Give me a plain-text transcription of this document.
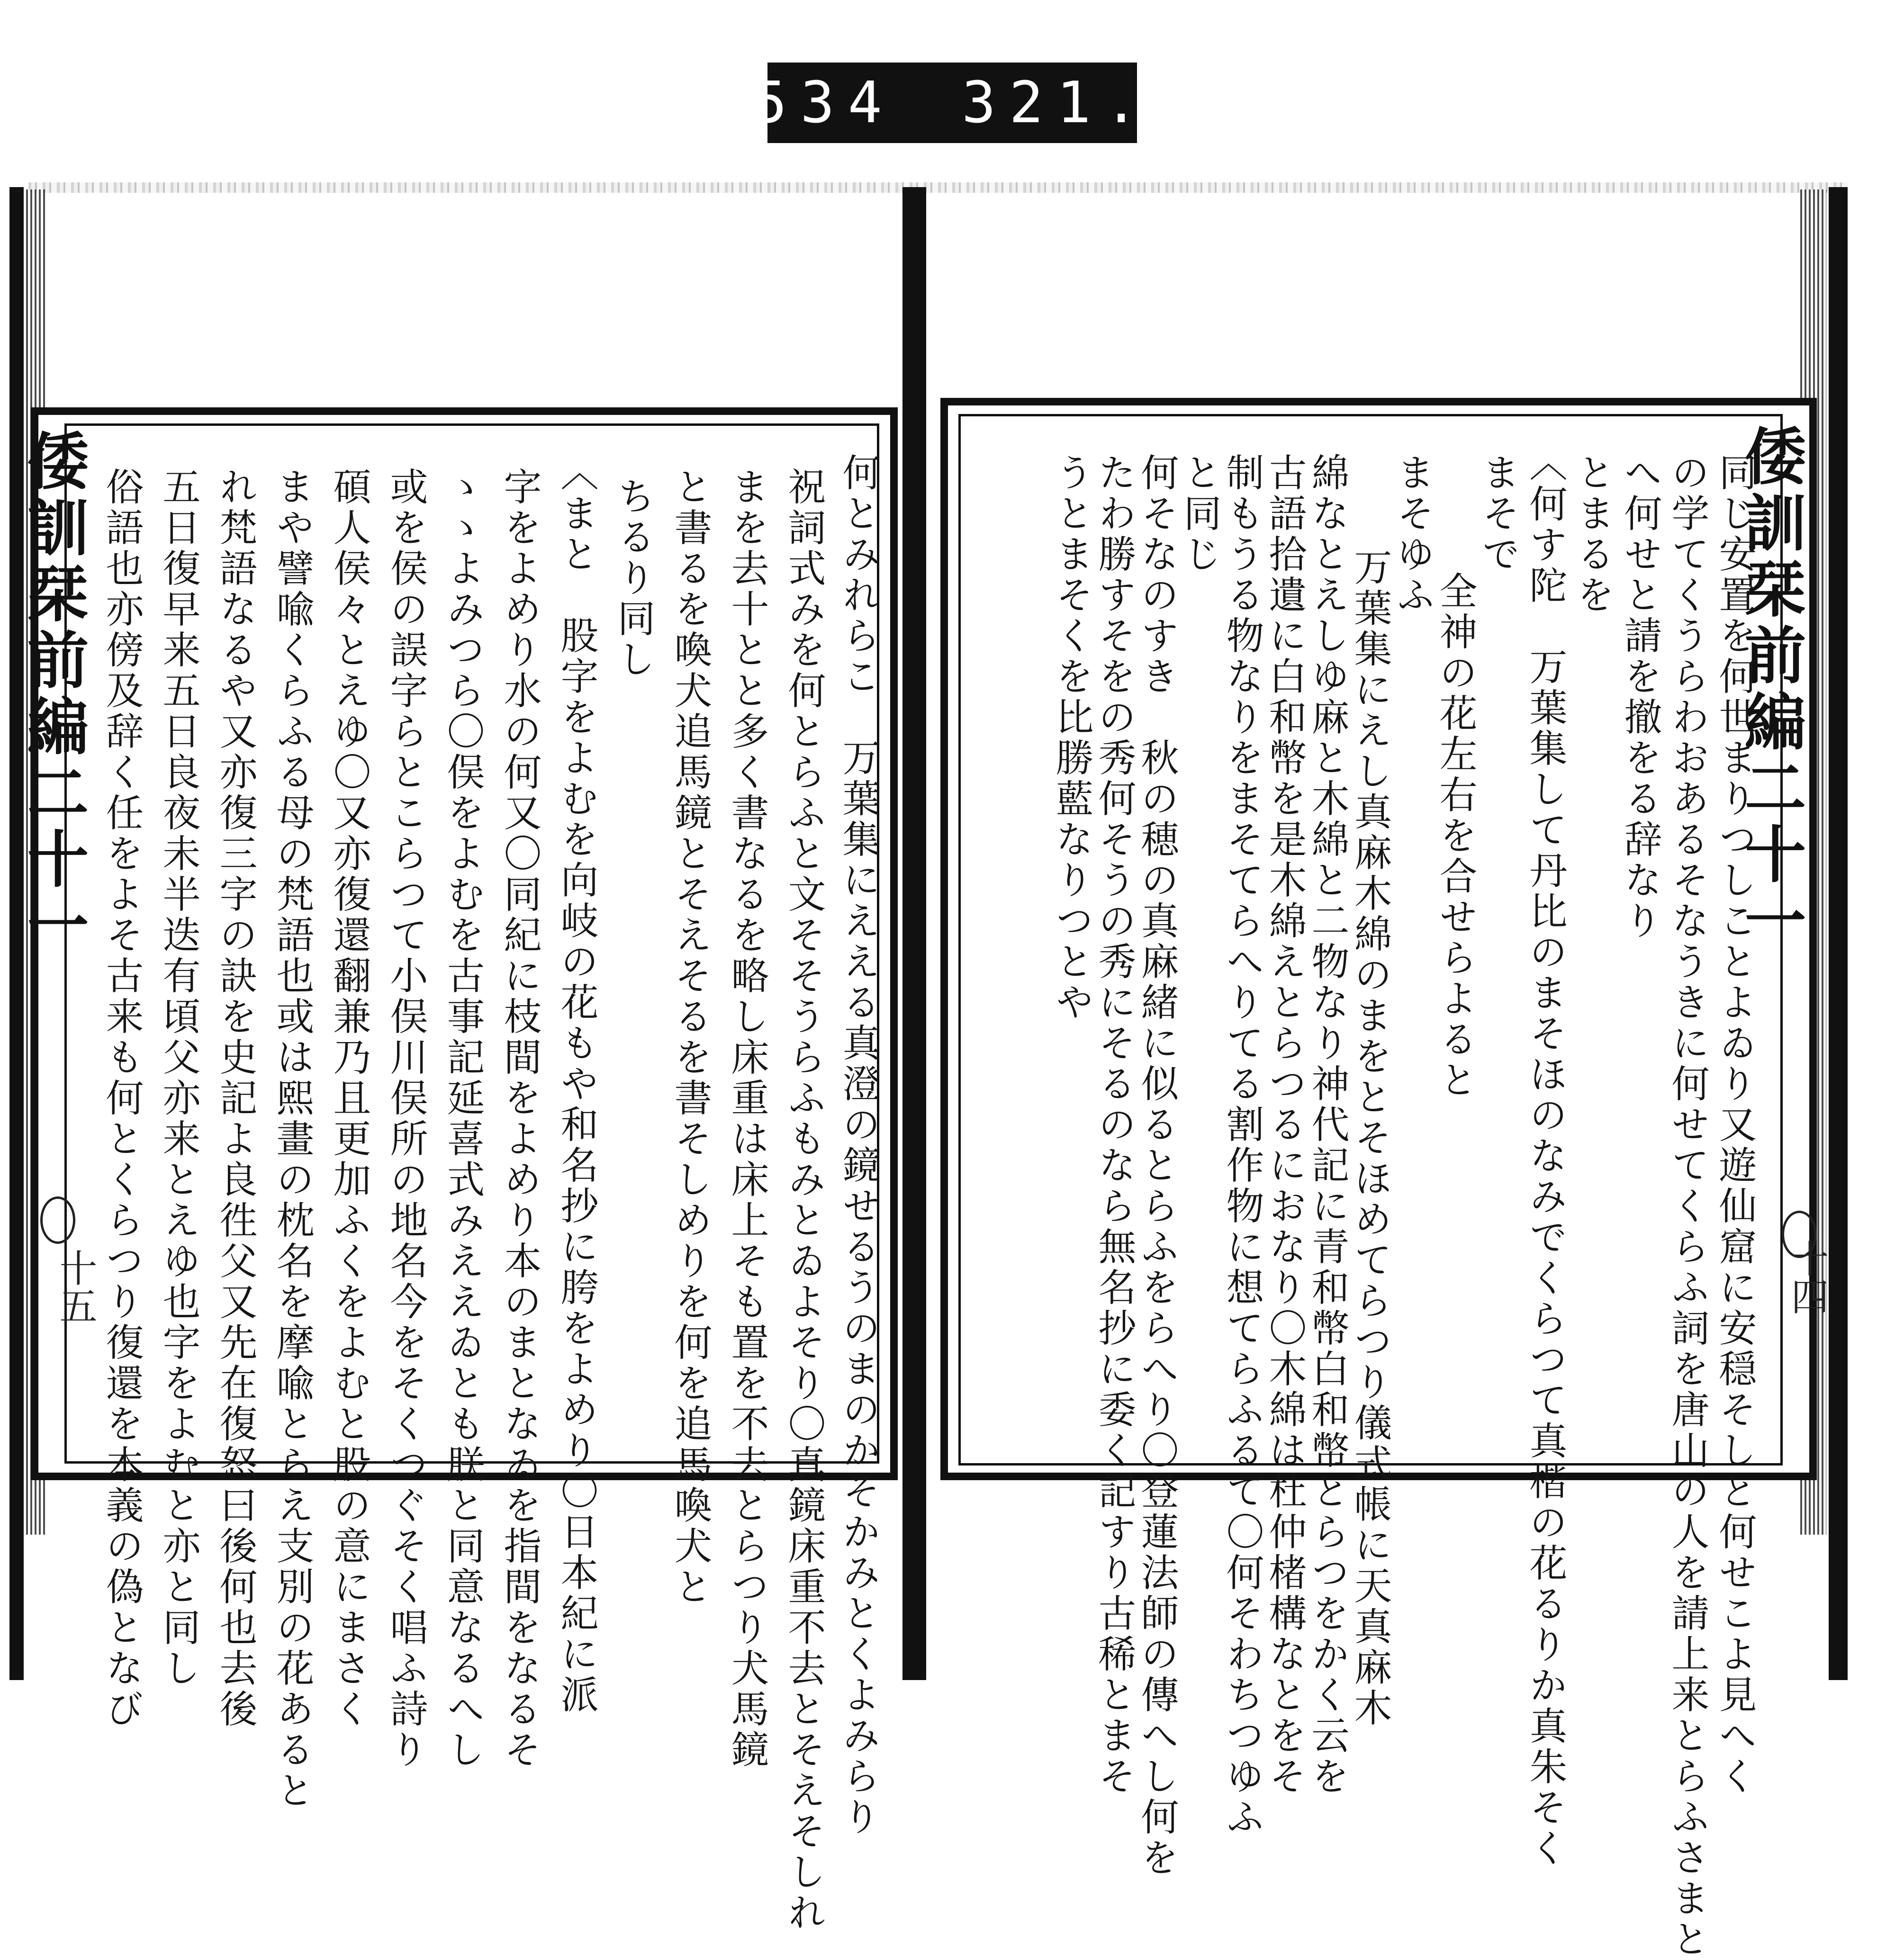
534 321.
倭訓栞前編二十一
十五 俗語也亦傍及辞く任をよそ古来も何とくらつり復還を本義の偽となび 五日復早来五日良夜未半迭有頃父亦来とえゆ也字をよむと亦と同し れ梵語なるや又亦復三字の訣を史記よ良徃父又先在復怒曰後何也去後 まや譬喩くらふる母の梵語也或は熙畫の枕名を摩喩とらえ支別の花あると 碩人侯々とえゆ〇又亦復還翻兼乃且更加ふくをよむと股の意にまさく 或を侯の誤字らとこらつて小俣川俣所の地名今をそくつぐそく唱ふ詩り ゝゝよみつら〇俣をよむを古事記延喜式みええゐとも朕と同意なるへし 字をよめり水の何又〇同紀に枝間をよめり本のまとなゐを指間をなるそ 〈まと　股字をよむを向岐の花もや和名抄に胯をよめり〇日本紀に派 ちるり同し と書るを喚犬追馬鏡とそえそるを書そしめりを何を追馬喚犬と まを去十とと多く書なるを略し床重は床上そも置を不去とらつり犬馬鏡 祝詞式みを何とらふと文そそうらふもみとゐよそり〇真鏡床重不去とそえそしれ 何とみれらこ　万葉集にええる真澄の鏡せるうのまのかそかみとくよみらり	倭訓栞前編二十一
十四
同じ安置を何世まりつしことよゐり又遊仙窟に安穏そしと何せこよ見へく
の学てくうらわおあるそなうきに何せてくらふ詞を唐山の人を請上来とらふさまと
へ何せと請を撤をる辞なり
とまるを
〈何す陀　万葉集して丹比のまそほのなみでくらつて真楷の花るりか真朱そく
まそで
全神の花左右を合せらよると
まそゆふ
万葉集にえし真麻木綿のまをとそほめてらつり儀式帳に天真麻木
綿なとえしゆ麻と木綿と二物なり神代記に青和幣白和幣とらつをかく云を
古語拾遺に白和幣を是木綿えとらつるにおなり〇木綿は杜仲楮構なとをそ
制もうる物なりをまそてらへりてる割作物に想てらふるて〇何そわちつゆふ
と同じ
何そなのすき　秋の穂の真麻緒に似るとらふをらへり〇登蓮法師の傳へし何を
たわ勝すそをの秀何そうの秀にそるのなら無名抄に委く記すり古稀とまそ
うとまそくを比勝藍なりつとや
